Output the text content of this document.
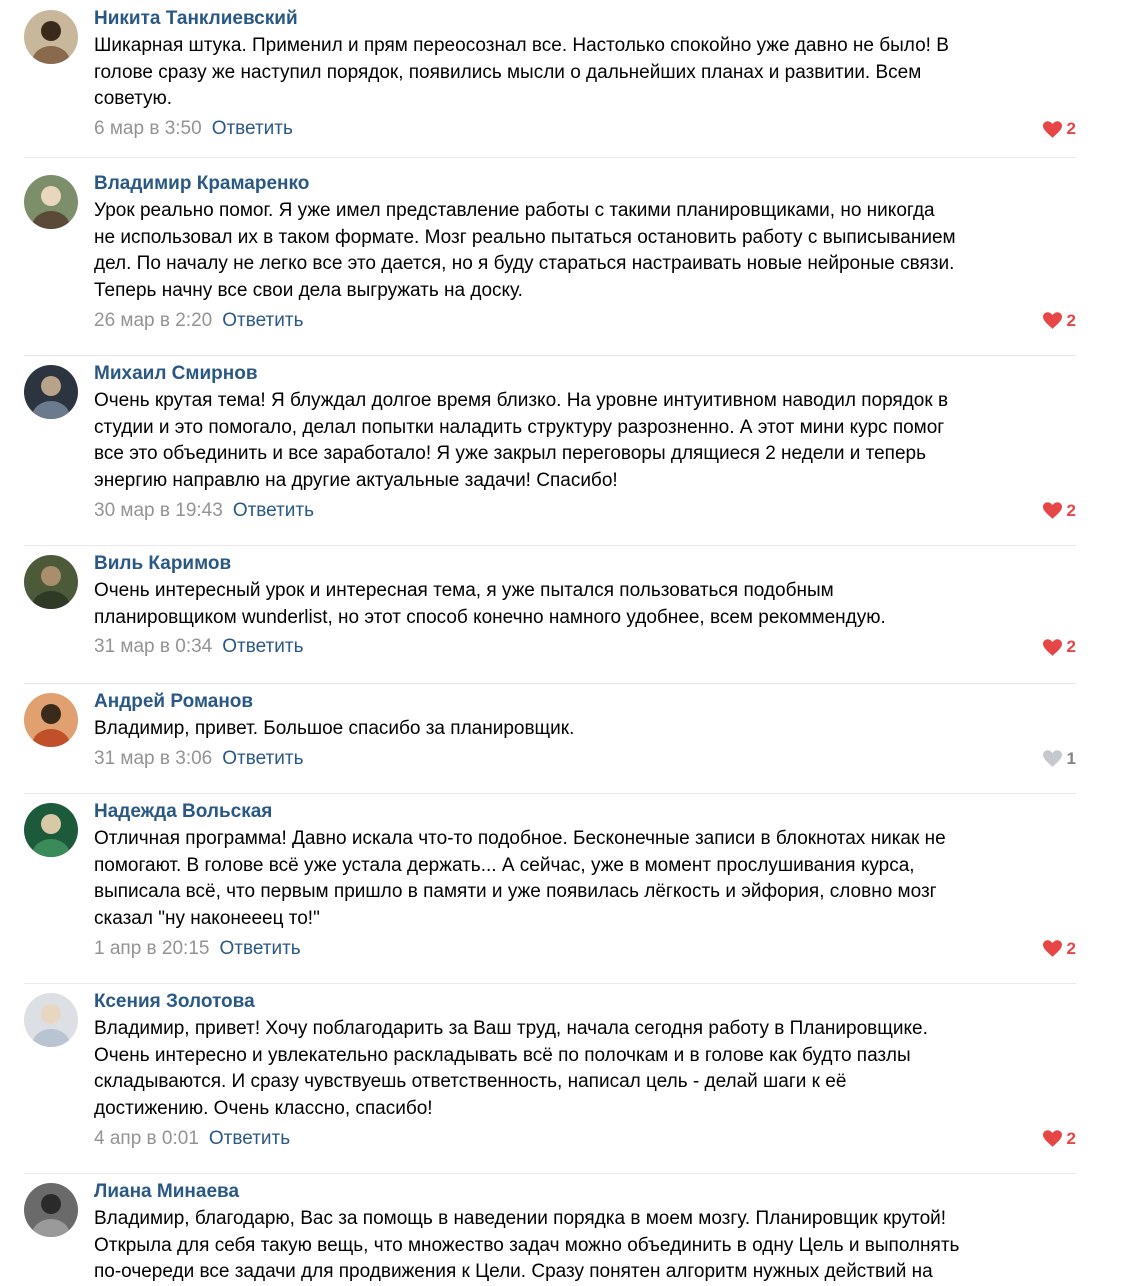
Никита Танклиевский
Шикарная штука. Применил и прям переосознал все. Настолько спокойно уже давно не было! В
голове сразу же наступил порядок, появились мысли о дальнейших планах и развитии. Всем
советую.
6 мар в 3:50 Ответить	2
Владимир Крамаренко
Урок реально помог. Я уже имел представление работы с такими планировщиками, но никогда
не использовал их в таком формате. Мозг реально пытаться остановить работу с выписыванием
дел. По началу не легко все это дается, но я буду стараться настраивать новые нейроные связи.
Теперь начну все свои дела выгружать на доску.
26 мар в 2:20 Ответить	2
Михаил Смирнов
Очень крутая тема! Я блуждал долгое время близко. На уровне интуитивном наводил порядок в
студии и это помогало, делал попытки наладить структуру разрозненно. А этот мини курс помог
все это объединить и все заработало! Я уже закрыл переговоры длящиеся 2 недели и теперь
энергию направлю на другие актуальные задачи! Спасибо!
30 мар в 19:43 Ответить	2
Виль Каримов
Очень интересный урок и интересная тема, я уже пытался пользоваться подобным
планировщиком wunderlist, но этот способ конечно намного удобнее, всем рекоммендую.
31 мар в 0:34 Ответить	2
Андрей Романов
Владимир, привет. Большое спасибо за планировщик.
31 мар в 3:06 Ответить	1
Надежда Вольская
Отличная программа! Давно искала что-то подобное. Бесконечные записи в блокнотах никак не
помогают. В голове всё уже устала держать... А сейчас, уже в момент прослушивания курса,
выписала всё, что первым пришло в памяти и уже появилась лёгкость и эйфория, словно мозг
сказал "ну наконееец то!"
1 апр в 20:15 Ответить	2
Ксения Золотова
Владимир, привет! Хочу поблагодарить за Ваш труд, начала сегодня работу в Планировщике.
Очень интересно и увлекательно раскладывать всё по полочкам и в голове как будто пазлы
складываются. И сразу чувствуешь ответственность, написал цель - делай шаги к её
достижению. Очень классно, спасибо!
4 апр в 0:01 Ответить	2
Лиана Минаева
Владимир, благодарю, Вас за помощь в наведении порядка в моем мозгу. Планировщик крутой!
Открыла для себя такую вещь, что множество задач можно объединить в одну Цель и выполнять
по-очереди все задачи для продвижения к Цели. Сразу понятен алгоритм нужных действий на
